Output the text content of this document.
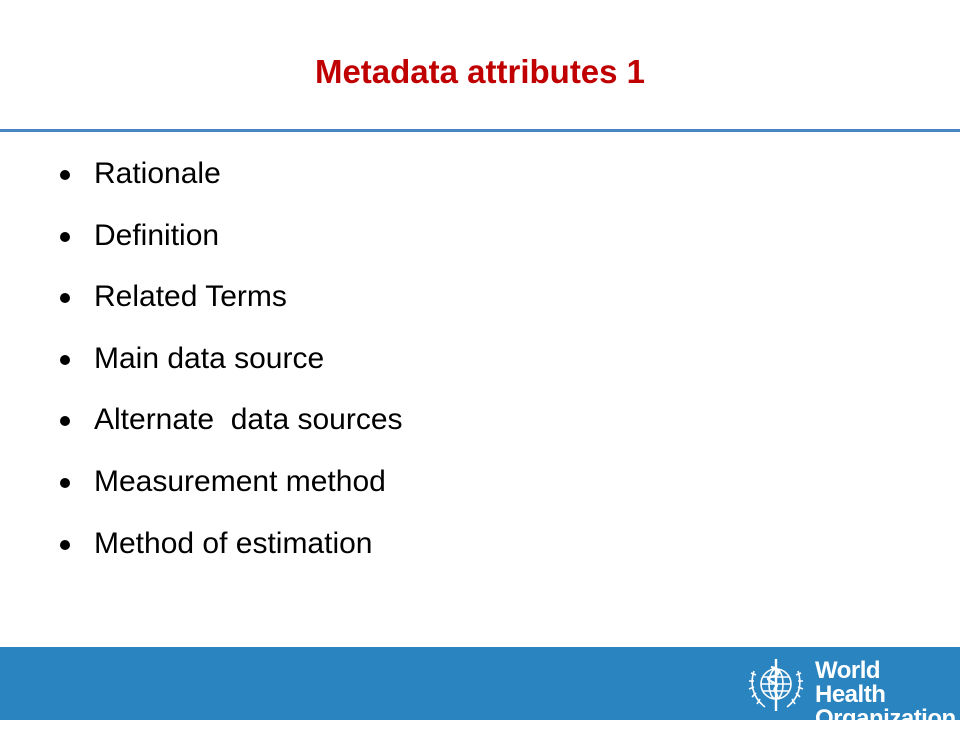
Metadata attributes 1
Rationale
Definition
Related Terms
Main data source
Alternate  data sources
Measurement method
Method of estimation
World Health
Organization
